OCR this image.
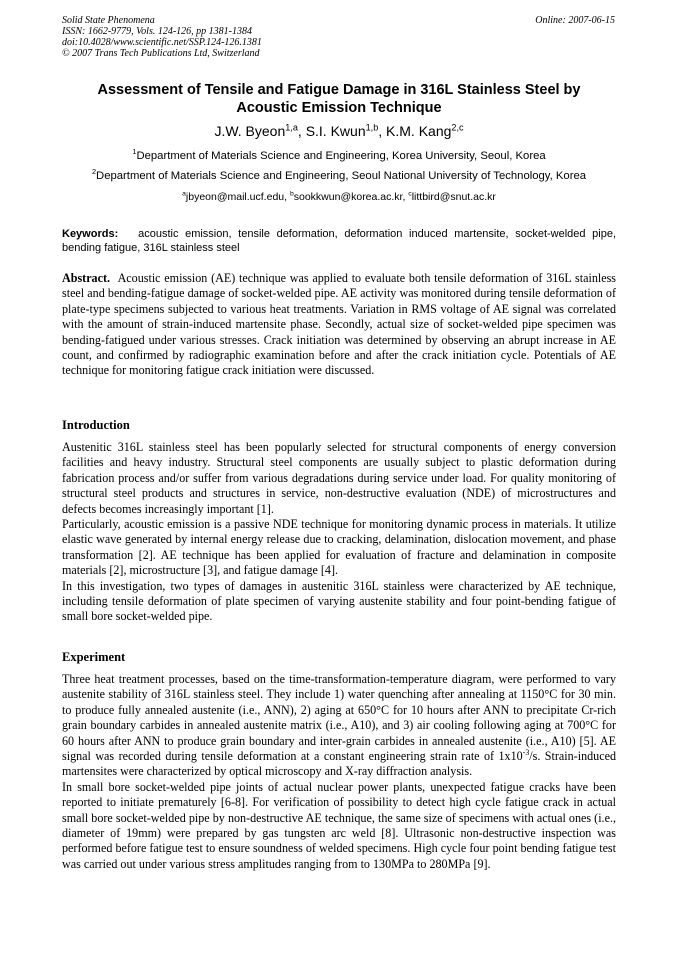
Solid State Phenomena
ISSN: 1662-9779, Vols. 124-126, pp 1381-1384
doi:10.4028/www.scientific.net/SSP.124-126.1381
© 2007 Trans Tech Publications Ltd, Switzerland
Online: 2007-06-15
Assessment of Tensile and Fatigue Damage in 316L Stainless Steel by
Acoustic Emission Technique
J.W. Byeon$^{1,a}$, S.I. Kwun$^{1,b}$, K.M. Kang$^{2,c}$
$^1$Department of Materials Science and Engineering, Korea University, Seoul, Korea
$^2$Department of Materials Science and Engineering, Seoul National University of Technology, Korea
$^a$jbyeon@mail.ucf.edu, $^b$sookkwun@korea.ac.kr, $^c$littbird@snut.ac.kr
Keywords: acoustic emission, tensile deformation, deformation induced martensite, socket-welded pipe, bending fatigue, 316L stainless steel

Abstract. Acoustic emission (AE) technique was applied to evaluate both tensile deformation of 316L stainless steel and bending-fatigue damage of socket-welded pipe. AE activity was monitored during tensile deformation of plate-type specimens subjected to various heat treatments. Variation in RMS voltage of AE signal was correlated with the amount of strain-induced martensite phase. Secondly, actual size of socket-welded pipe specimen was bending-fatigued under various stresses. Crack initiation was determined by observing an abrupt increase in AE count, and confirmed by radiographic examination before and after the crack initiation cycle. Potentials of AE technique for monitoring fatigue crack initiation were discussed.

Introduction

Austenitic 316L stainless steel has been popularly selected for structural components of energy conversion facilities and heavy industry. Structural steel components are usually subject to plastic deformation during fabrication process and/or suffer from various degradations during service under load. For quality monitoring of structural steel products and structures in service, non-destructive evaluation (NDE) of microstructures and defects becomes increasingly important [1].

Particularly, acoustic emission is a passive NDE technique for monitoring dynamic process in materials. It utilize elastic wave generated by internal energy release due to cracking, delamination, dislocation movement, and phase transformation [2]. AE technique has been applied for evaluation of fracture and delamination in composite materials [2], microstructure [3], and fatigue damage [4].

In this investigation, two types of damages in austenitic 316L stainless were characterized by AE technique, including tensile deformation of plate specimen of varying austenite stability and four point-bending fatigue of small bore socket-welded pipe.

Experiment

Three heat treatment processes, based on the time-transformation-temperature diagram, were performed to vary austenite stability of 316L stainless steel. They include 1) water quenching after annealing at 1150°C for 30 min. to produce fully annealed austenite (i.e., ANN), 2) aging at 650°C for 10 hours after ANN to precipitate Cr-rich grain boundary carbides in annealed austenite matrix (i.e., A10), and 3) air cooling following aging at 700°C for 60 hours after ANN to produce grain boundary and inter-grain carbides in annealed austenite (i.e., A10) [5]. AE signal was recorded during tensile deformation at a constant engineering strain rate of $1x10^{-3}/s$. Strain-induced martensites were characterized by optical microscopy and X-ray diffraction analysis.

In small bore socket-welded pipe joints of actual nuclear power plants, unexpected fatigue cracks have been reported to initiate prematurely [6-8]. For verification of possibility to detect high cycle fatigue crack in actual small bore socket-welded pipe by non-destructive AE technique, the same size of specimens with actual ones (i.e., diameter of 19mm) were prepared by gas tungsten arc weld [8]. Ultrasonic non-destructive inspection was performed before fatigue test to ensure soundness of welded specimens. High cycle four point bending fatigue test was carried out under various stress amplitudes ranging from to 130MPa to 280MPa [9].
